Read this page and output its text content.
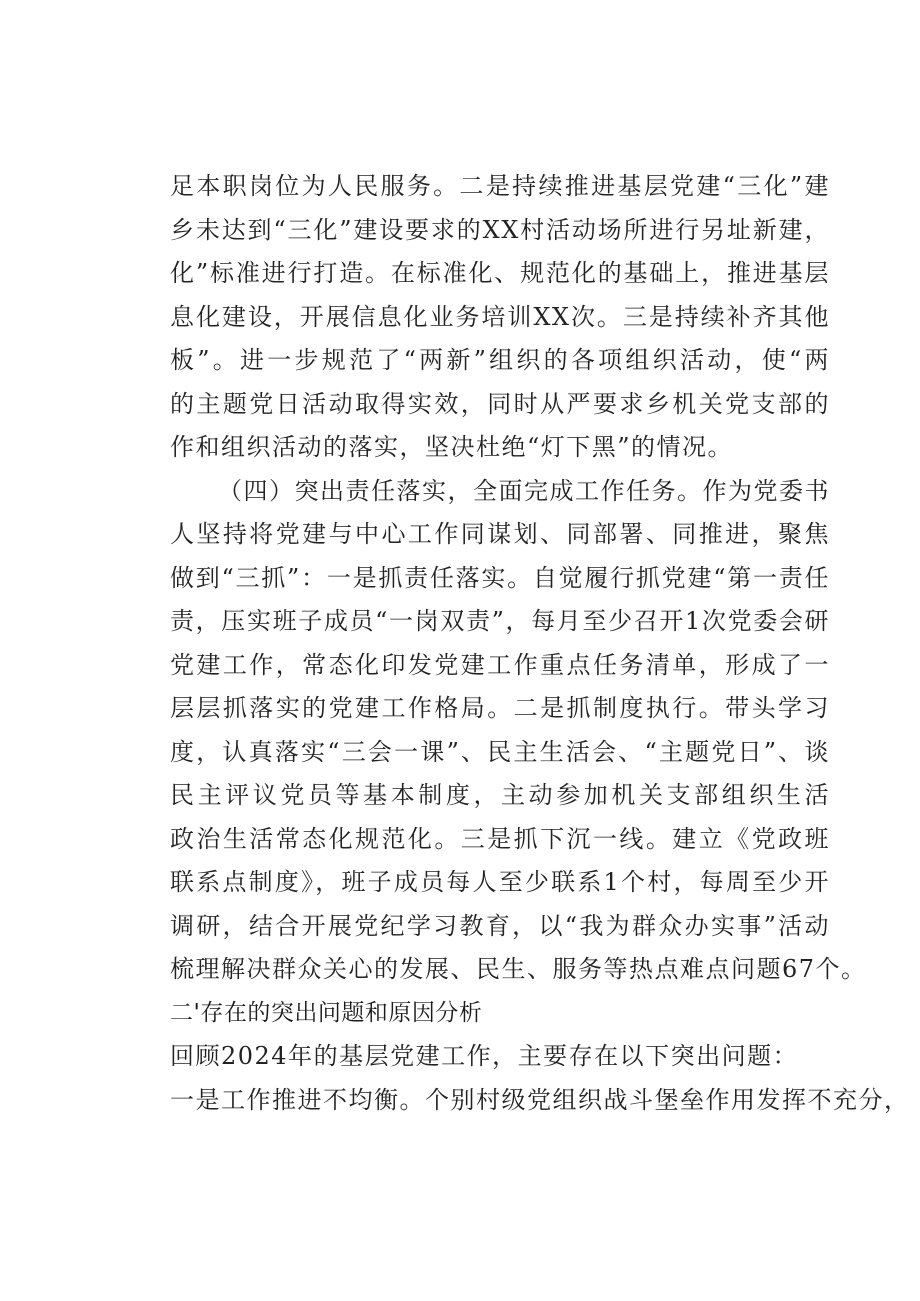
足本职岗位为人民服务。二是持续推进基层党建“三化”建
乡未达到“三化”建设要求的XX村活动场所进行另址新建，
化”标准进行打造。在标准化、规范化的基础上，推进基层
息化建设，开展信息化业务培训XX次。三是持续补齐其他
板”。进一步规范了“两新”组织的各项组织活动，使“两
的主题党日活动取得实效，同时从严要求乡机关党支部的
作和组织活动的落实，坚决杜绝“灯下黑”的情况。
（四）突出责任落实，全面完成工作任务。作为党委书
人坚持将党建与中心工作同谋划、同部署、同推进，聚焦
做到“三抓”：一是抓责任落实。自觉履行抓党建“第一责任
责，压实班子成员“一岗双责”，每月至少召开1次党委会研
党建工作，常态化印发党建工作重点任务清单，形成了一
层层抓落实的党建工作格局。二是抓制度执行。带头学习
度，认真落实“三会一课”、民主生活会、“主题党日”、谈
民主评议党员等基本制度，主动参加机关支部组织生活
政治生活常态化规范化。三是抓下沉一线。建立《党政班
联系点制度》，班子成员每人至少联系1个村，每周至少开
调研，结合开展党纪学习教育，以“我为群众办实事”活动
梳理解决群众关心的发展、民生、服务等热点难点问题67个。
二'存在的突出问题和原因分析
回顾2024年的基层党建工作，主要存在以下突出问题：
一是工作推进不均衡。个别村级党组织战斗堡垒作用发挥不充分，
